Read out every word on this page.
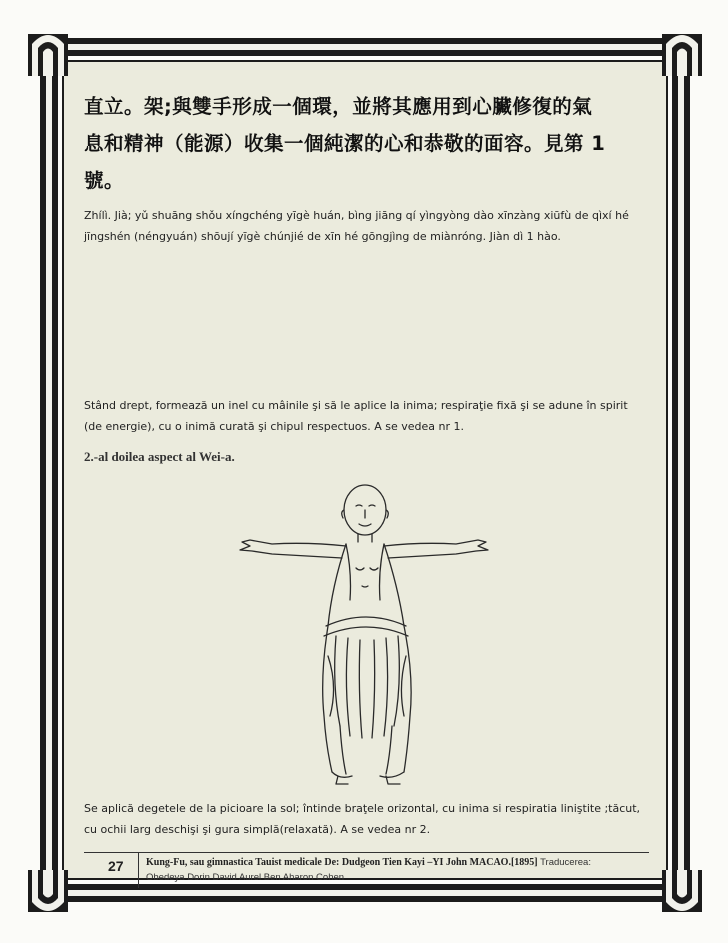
直立。架;與雙手形成一個環，並將其應用到心臟修復的氣

息和精神（能源）收集一個純潔的心和恭敬的面容。見第 1

號。

Zhílì. Jià; yǔ shuāng shǒu xíngchéng yīgè huán, bìng jiāng qí yìngyòng dào xīnzàng xiūfù de qìxí hé jīngshén (néngyuán) shōují yīgè chúnjié de xīn hé gōngjìng de miànróng. Jiàn dì 1 hào.

Stând drept, formează un inel cu mâinile şi să le aplice la inima; respiraţie fixă şi se adune în spirit (de energie), cu o inimă curată şi chipul respectuos. A se vedea nr 1.

2.-al doilea aspect al Wei-a.

Se aplică degetele de la picioare la sol; întinde braţele orizontal, cu inima si respiratia liniştite ;tăcut, cu ochii larg deschişi şi gura simplă(relaxată). A se vedea nr 2.

27	Kung-Fu, sau gimnastica Tauist medicale De: Dudgeon Tien Kayi –YI John MACAO.[1895] Traducerea:
Obedeya Dorin David Aurel Ben Aharon Cohen
